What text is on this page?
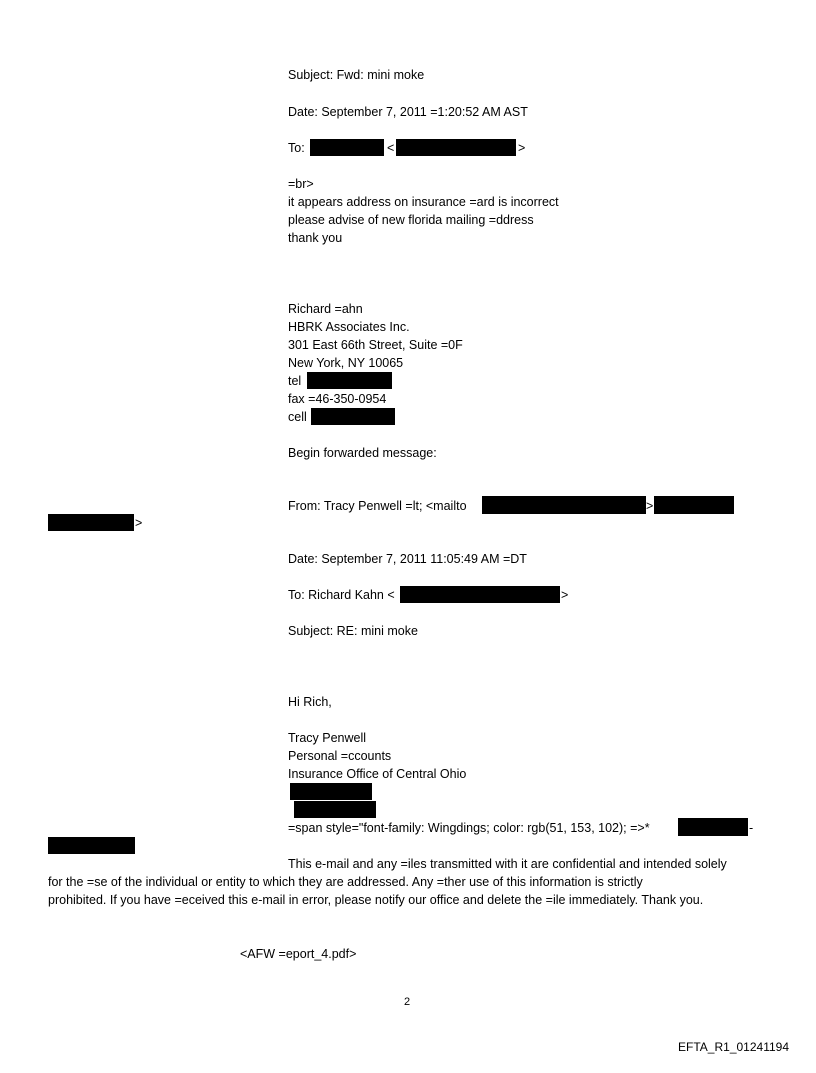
Subject: Fwd: mini moke
Date: September 7, 2011 =1:20:52 AM AST
To:	<	>
=br>
it appears address on insurance =ard is incorrect
please advise of new florida mailing =ddress
thank you
Richard =ahn
HBRK Associates Inc.
301 East 66th Street, Suite =0F
New York, NY 10065
tel
fax =46-350-0954
cell
Begin forwarded message:
From: Tracy Penwell =lt; <mailto	>
>
Date: September 7, 2011 11:05:49 AM =DT
To: Richard Kahn <	>
Subject: RE: mini moke
Hi Rich,
Tracy Penwell
Personal =ccounts
Insurance Office of Central Ohio
=span style="font-family: Wingdings; color: rgb(51, 153, 102); =>*	-
This e-mail and any =iles transmitted with it are confidential and intended solely
for the =se of the individual or entity to which they are addressed. Any =ther use of this information is strictly
prohibited. If you have =eceived this e-mail in error, please notify our office and delete the =ile immediately. Thank you.
<AFW =eport_4.pdf>
2
EFTA_R1_01241194
